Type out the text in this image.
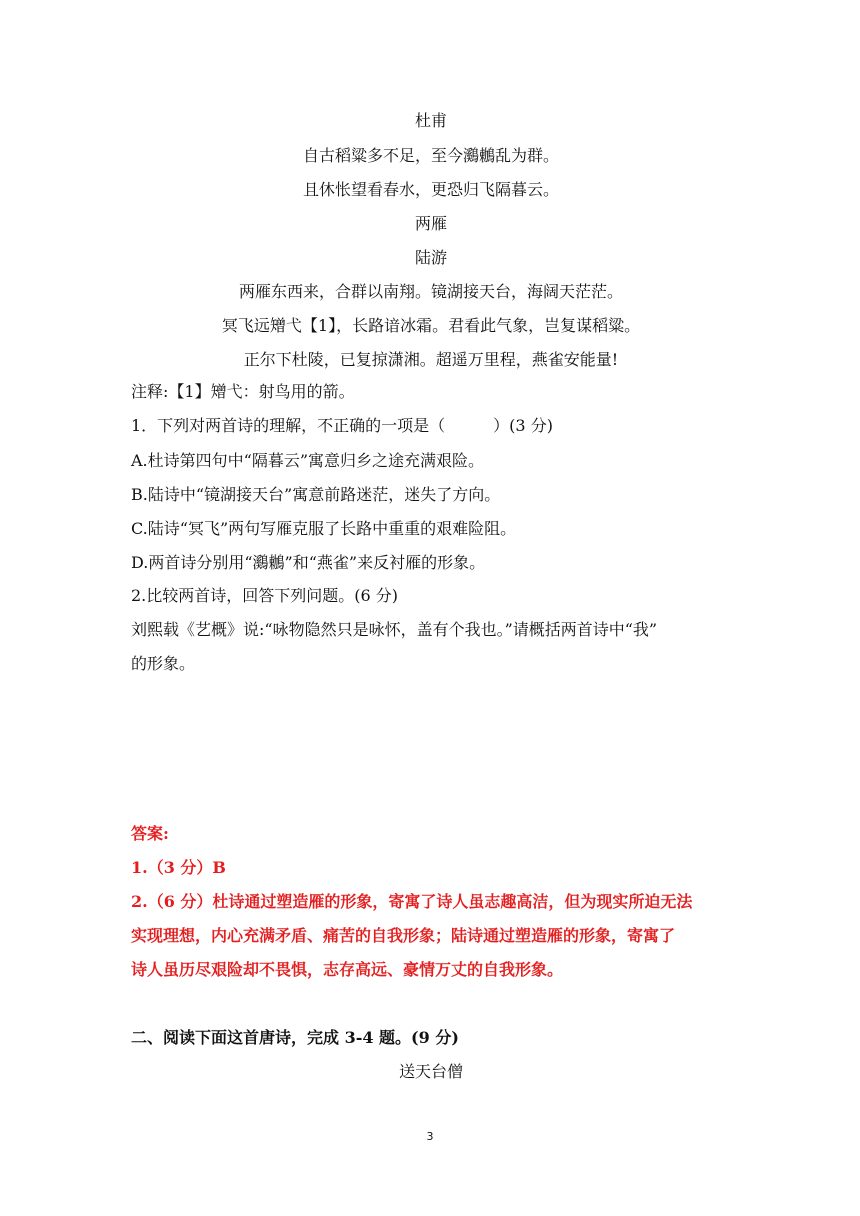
杜甫
自古稻粱多不足，至今鸂鶒乱为群。
且休怅望看春水，更恐归飞隔暮云。
两雁
陆游
两雁东西来，合群以南翔。镜湖接天台，海阔天茫茫。
冥飞远矰弋【1】，长路谙冰霜。君看此气象，岂复谋稻粱。
正尔下杜陵，已复掠潇湘。超遥万里程，燕雀安能量!
注释:【1】矰弋：射鸟用的箭。
1．下列对两首诗的理解，不正确的一项是（　　　）(3 分)
A.杜诗第四句中“隔暮云”寓意归乡之途充满艰险。
B.陆诗中“镜湖接天台”寓意前路迷茫，迷失了方向。
C.陆诗“冥飞”两句写雁克服了长路中重重的艰难险阻。
D.两首诗分别用“鸂鶒”和“燕雀”来反衬雁的形象。
2.比较两首诗，回答下列问题。(6 分)
刘熙载《艺概》说:“咏物隐然只是咏怀，盖有个我也。”请概括两首诗中“我”
的形象。
答案:
1.（3 分）B
2.（6 分）杜诗通过塑造雁的形象，寄寓了诗人虽志趣高洁，但为现实所迫无法
实现理想，内心充满矛盾、痛苦的自我形象；陆诗通过塑造雁的形象，寄寓了
诗人虽历尽艰险却不畏惧，志存高远、豪情万丈的自我形象。
二、阅读下面这首唐诗，完成 3-4 题。(9 分)
送天台僧
3
